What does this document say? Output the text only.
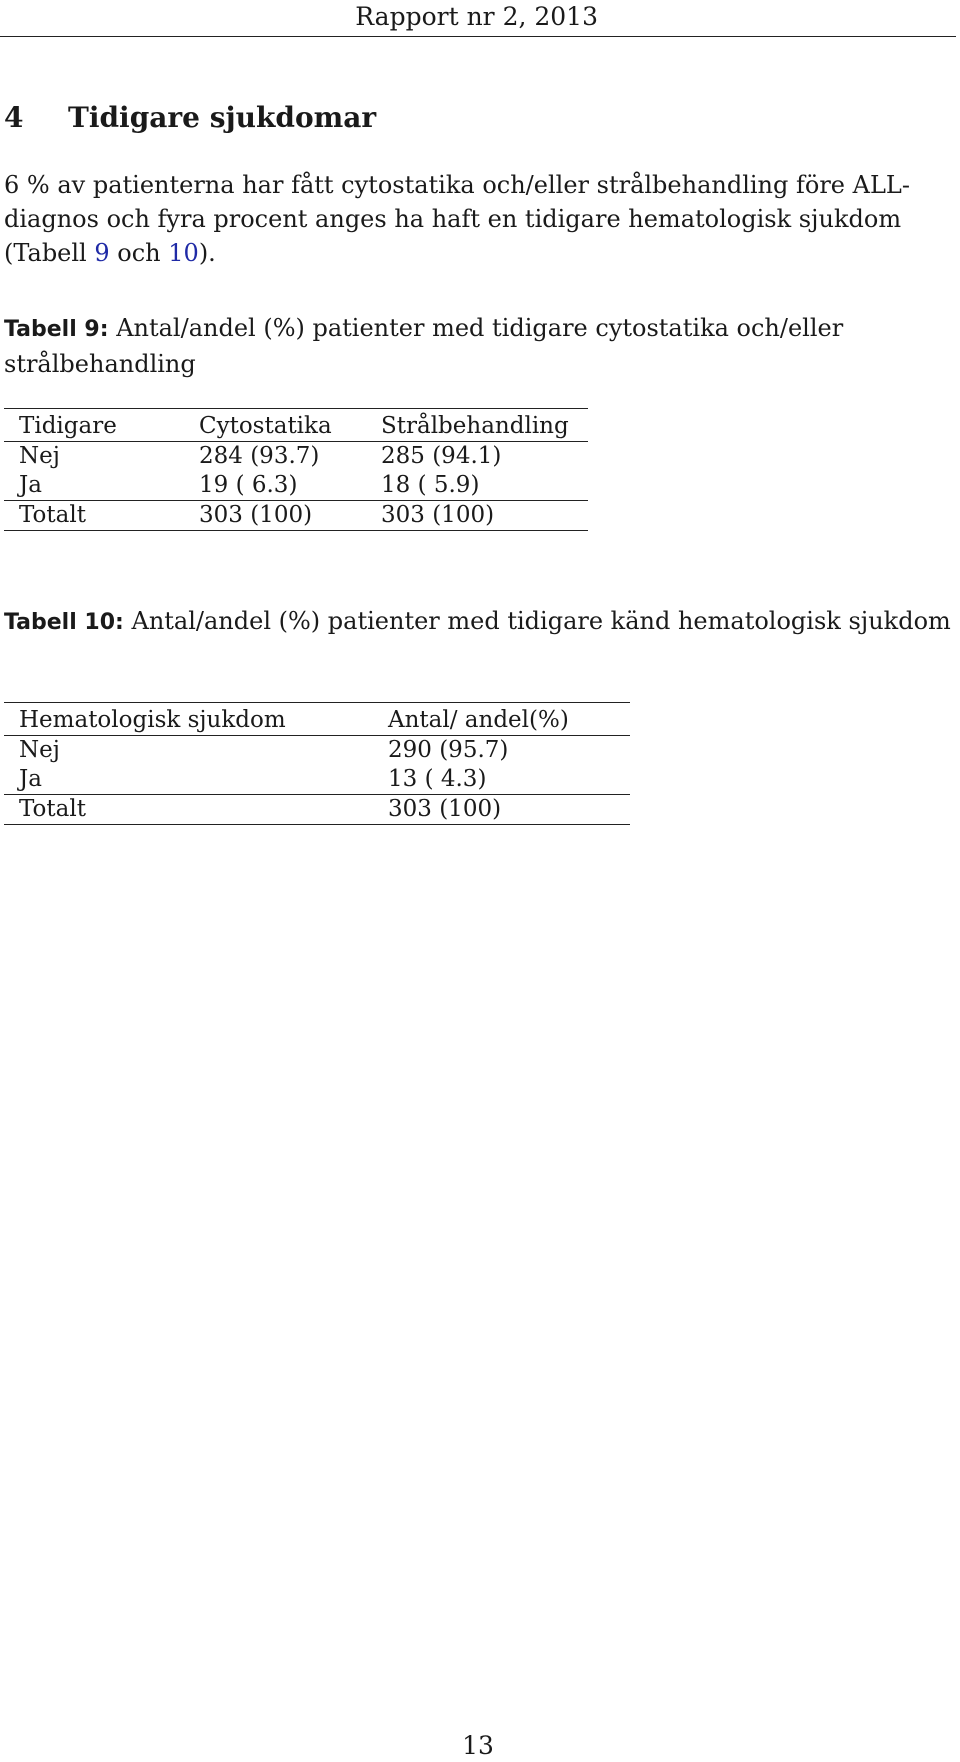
Rapport nr 2, 2013
4 Tidigare sjukdomar

6 % av patienterna har fått cytostatika och/eller strålbehandling före ALL-diagnos och fyra procent anges ha haft en tidigare hematologisk sjukdom (Tabell 9 och 10).

Tabell 9: Antal/andel (%) patienter med tidigare cytostatika och/eller strålbehandling

Tidigare	Cytostatika	Strålbehandling
Nej	284 (93.7)	285 (94.1)
Ja	19 ( 6.3)	18 ( 5.9)
Totalt	303 (100)	303 (100)

Tabell 10: Antal/andel (%) patienter med tidigare känd hematologisk sjukdom

Hematologisk sjukdom	Antal/ andel(%)
Nej	290 (95.7)
Ja	13 ( 4.3)
Totalt	303 (100)
13
